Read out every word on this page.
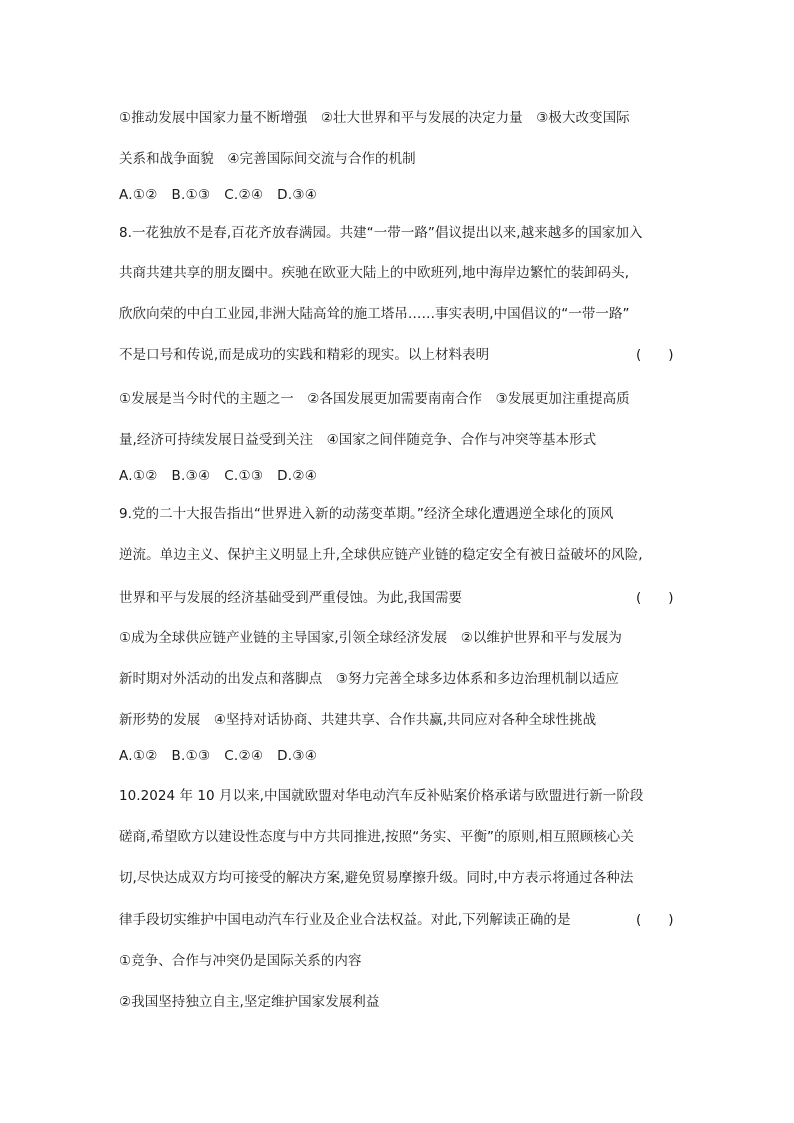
①推动发展中国家力量不断增强　②壮大世界和平与发展的决定力量　③极大改变国际
关系和战争面貌　④完善国际间交流与合作的机制
A.①②   B.①③   C.②④   D.③④
8.一花独放不是春,百花齐放春满园。共建“一带一路”倡议提出以来,越来越多的国家加入
共商共建共享的朋友圈中。疾驰在欧亚大陆上的中欧班列,地中海岸边繁忙的装卸码头,
欣欣向荣的中白工业园,非洲大陆高耸的施工塔吊……事实表明,中国倡议的“一带一路”
不是口号和传说,而是成功的实践和精彩的现实。以上材料表明	(　　)
①发展是当今时代的主题之一　②各国发展更加需要南南合作　③发展更加注重提高质
量,经济可持续发展日益受到关注　④国家之间伴随竞争、合作与冲突等基本形式
A.①②   B.③④   C.①③   D.②④
9.党的二十大报告指出“世界进入新的动荡变革期。”经济全球化遭遇逆全球化的顶风
逆流。单边主义、保护主义明显上升,全球供应链产业链的稳定安全有被日益破坏的风险,
世界和平与发展的经济基础受到严重侵蚀。为此,我国需要	(　　)
①成为全球供应链产业链的主导国家,引领全球经济发展　②以维护世界和平与发展为
新时期对外活动的出发点和落脚点　③努力完善全球多边体系和多边治理机制以适应
新形势的发展　④坚持对话协商、共建共享、合作共赢,共同应对各种全球性挑战
A.①②   B.①③   C.②④   D.③④
10.2024 年 10 月以来,中国就欧盟对华电动汽车反补贴案价格承诺与欧盟进行新一阶段
磋商,希望欧方以建设性态度与中方共同推进,按照“务实、平衡”的原则,相互照顾核心关
切,尽快达成双方均可接受的解决方案,避免贸易摩擦升级。同时,中方表示将通过各种法
律手段切实维护中国电动汽车行业及企业合法权益。对此,下列解读正确的是	(　　)
①竞争、合作与冲突仍是国际关系的内容
②我国坚持独立自主,坚定维护国家发展利益
